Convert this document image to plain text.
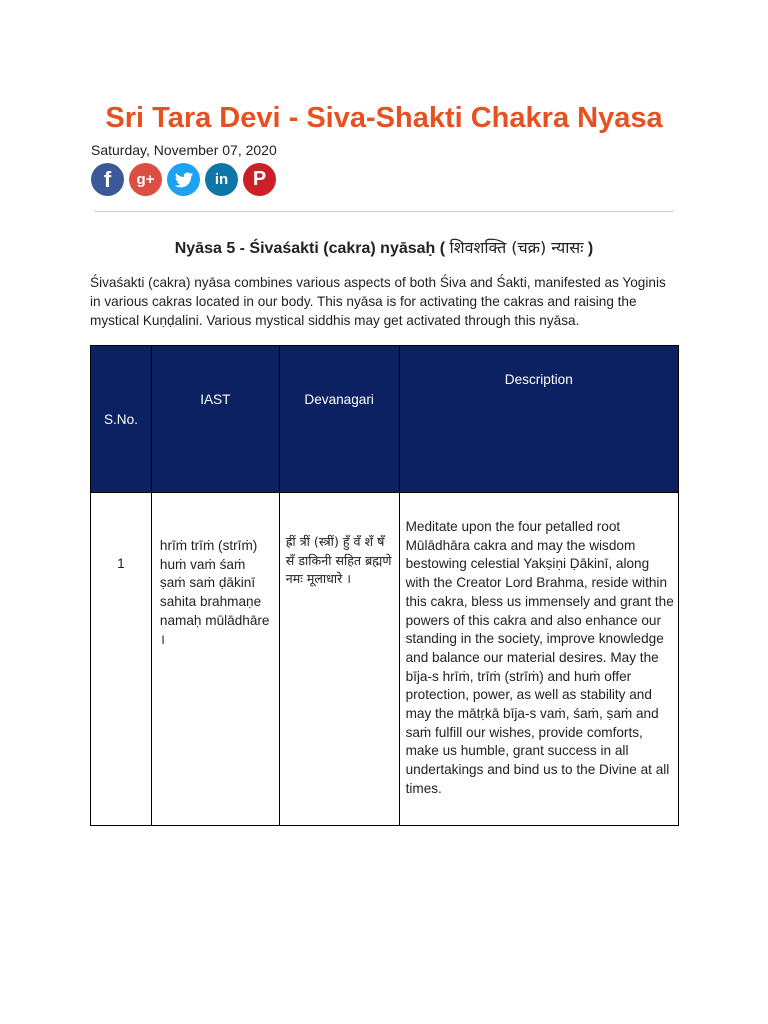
Sri Tara Devi - Siva-Shakti Chakra Nyasa
Saturday, November 07, 2020
f g+	in P
Nyāsa 5 - Śivaśakti (cakra) nyāsaḥ ( शिवशक्ति (चक्र) न्यासः )

Śivaśakti (cakra) nyāsa combines various aspects of both Śiva and Śakti, manifested as Yoginis in various cakras located in our body. This nyāsa is for activating the cakras and raising the mystical Kuṇḍalini. Various mystical siddhis may get activated through this nyāsa.

S.No.	IAST	Devanagari	Description
1	hrīṁ trīṁ (strīṁ) huṁ vaṁ śaṁ ṣaṁ saṁ ḍākinī sahita brahmaṇe namaḥ mūlādhāre ।	ह्रीं त्रीं (स्त्रीं) हुँ वँ शँ षँ सँ डाकिनी सहित ब्रह्मणे नमः मूलाधारे ।	Meditate upon the four petalled root Mūlādhāra cakra and may the wisdom bestowing celestial Yakṣiṇi Ḍākinī, along with the Creator Lord Brahma, reside within this cakra, bless us immensely and grant the powers of this cakra and also enhance our standing in the society, improve knowledge and balance our material desires. May the bīja-s hrīṁ, trīṁ (strīṁ) and huṁ offer protection, power, as well as stability and may the mātṛkā bīja-s vaṁ, śaṁ, ṣaṁ and saṁ fulfill our wishes, provide comforts, make us humble, grant success in all undertakings and bind us to the Divine at all times.
